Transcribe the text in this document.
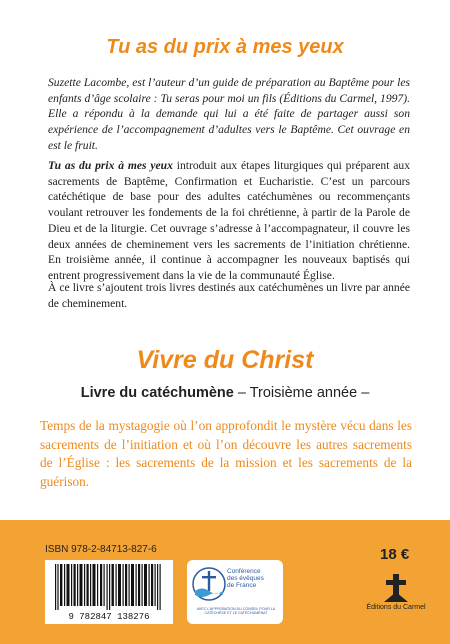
Tu as du prix à mes yeux

Suzette Lacombe, est l’auteur d’un guide de préparation au Baptême pour les enfants d’âge scolaire : Tu seras pour moi un fils (Éditions du Carmel, 1997). Elle a répondu à la demande qui lui a été faite de partager aussi son expérience de l’accompagnement d’adultes vers le Baptême. Cet ouvrage en est le fruit.

Tu as du prix à mes yeux introduit aux étapes liturgiques qui préparent aux sacrements de Baptême, Confirmation et Eucharistie. C’est un parcours catéchétique de base pour des adultes catéchumènes ou recommençants voulant retrouver les fondements de la foi chrétienne, à partir de la Parole de Dieu et de la liturgie. Cet ouvrage s’adresse à l’accompagnateur, il couvre les deux années de cheminement vers les sacrements de l’initiation chrétienne. En troisième année, il continue à accompagner les nouveaux baptisés qui entrent progressivement dans la vie de la communauté Église.

À ce livre s’ajoutent trois livres destinés aux catéchumènes un livre par année de cheminement.

Vivre du Christ
Livre du catéchumène – Troisième année –
Temps de la mystagogie où l’on approfondit le mystère vécu dans les sacrements de l’initiation et où l’on découvre les autres sacrements de l’Église : les sacrements de la mission et les sacrements de la guérison.
ISBN 978-2-84713-827-6
9 782847 138276
18 €
Conférence
des évêques
de France
AVEC L’APPROBATION DU CONSEIL POUR LA CATÉCHÈSE ET LE CATÉCHUMÉNAT
Éditions du Carmel
